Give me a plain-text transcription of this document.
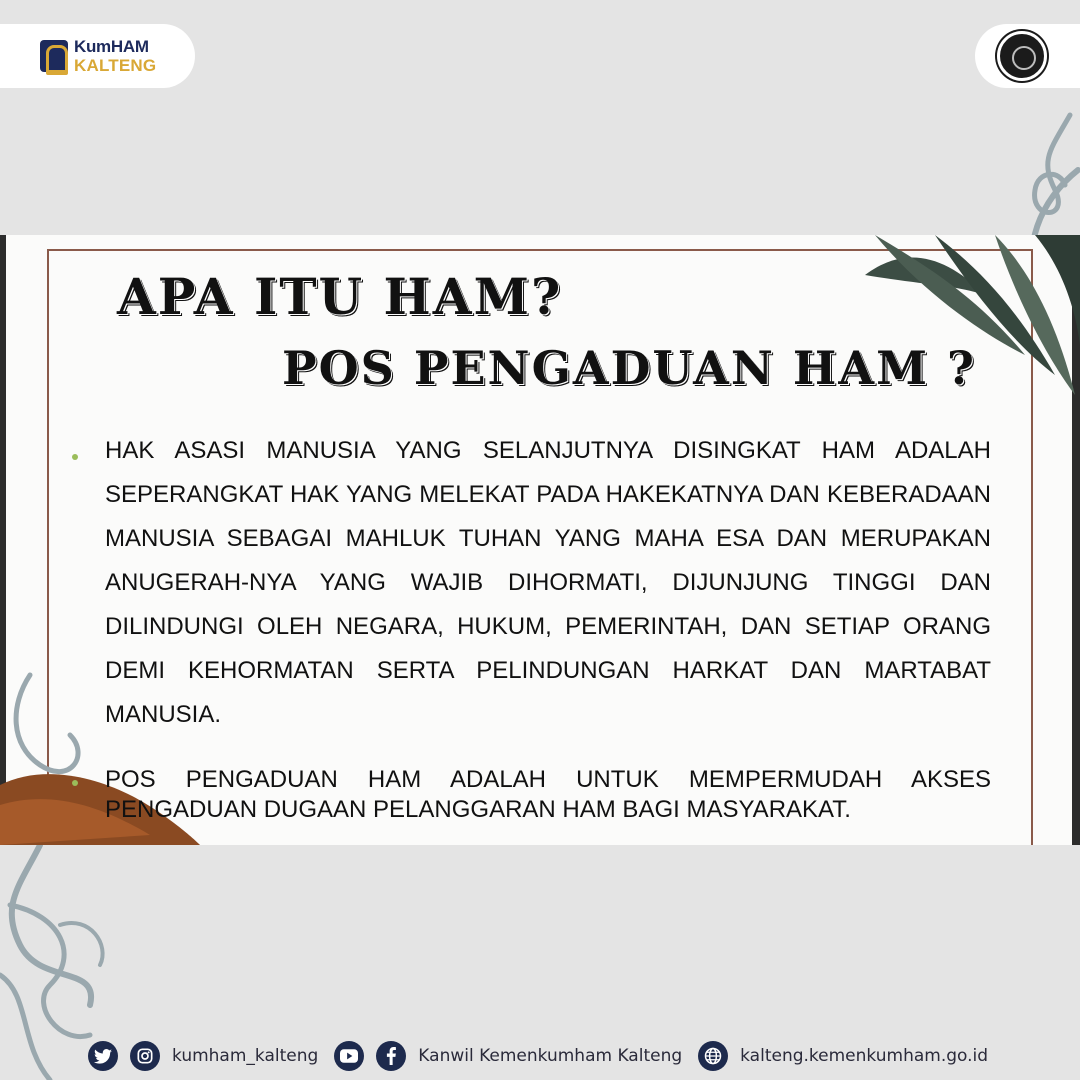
KumHAM
KALTENG
APA ITU HAM?
POS PENGADUAN HAM ?

HAK ASASI MANUSIA YANG SELANJUTNYA DISINGKAT HAM ADALAH SEPERANGKAT HAK YANG MELEKAT PADA HAKEKATNYA DAN KEBERADAAN MANUSIA SEBAGAI MAHLUK TUHAN YANG MAHA ESA DAN MERUPAKAN ANUGERAH-NYA YANG WAJIB DIHORMATI, DIJUNJUNG TINGGI DAN DILINDUNGI OLEH NEGARA, HUKUM, PEMERINTAH, DAN SETIAP ORANG DEMI KEHORMATAN SERTA PELINDUNGAN HARKAT DAN MARTABAT MANUSIA.

POS PENGADUAN HAM ADALAH UNTUK MEMPERMUDAH AKSES PENGADUAN DUGAAN PELANGGARAN HAM BAGI MASYARAKAT.

kumham_kalteng	Kanwil Kemenkumham Kalteng	kalteng.kemenkumham.go.id
